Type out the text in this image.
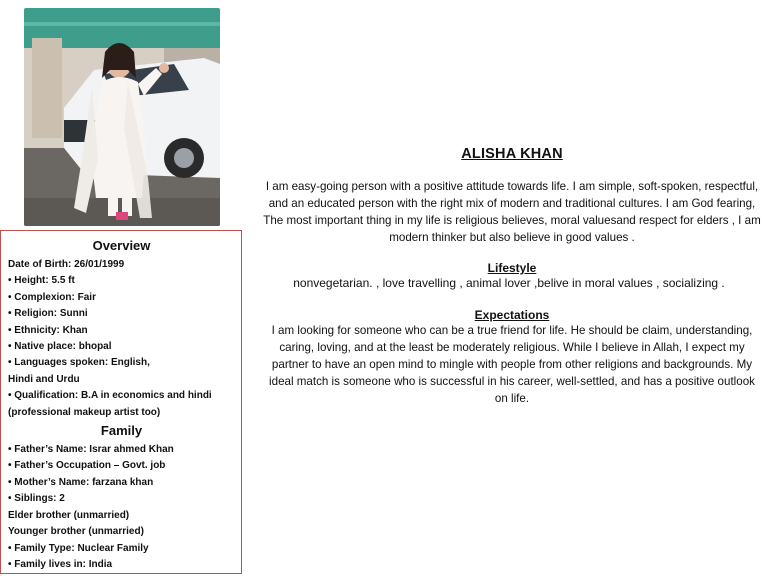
Overview
Date of Birth: 26/01/1999
• Height: 5.5 ft
• Complexion: Fair
• Religion: Sunni
• Ethnicity: Khan
• Native place: bhopal
• Languages spoken: English,
Hindi and Urdu
• Qualification: B.A in economics and hindi
(professional makeup artist too)
Family
• Father’s Name: Israr ahmed Khan
• Father’s Occupation – Govt. job
• Mother’s Name: farzana khan
• Siblings: 2
Elder brother (unmarried)
Younger brother (unmarried)
• Family Type: Nuclear Family
• Family lives in: India
ALISHA KHAN

I am easy-going person with a positive attitude towards life. I am simple, soft-spoken, respectful, and an educated person with the right mix of modern and traditional cultures. I am God fearing, The most important thing in my life is religious believes, moral valuesand respect for elders , I am modern thinker but also believe in good values .

Lifestyle
nonvegetarian. , love travelling , animal lover ,belive in moral values , socializing .
Expectations

I am looking for someone who can be a true friend for life. He should be claim, understanding, caring, loving, and at the least be moderately religious. While I believe in Allah, I expect my partner to have an open mind to mingle with people from other religions and backgrounds. My ideal match is someone who is successful in his career, well-settled, and has a positive outlook on life.
